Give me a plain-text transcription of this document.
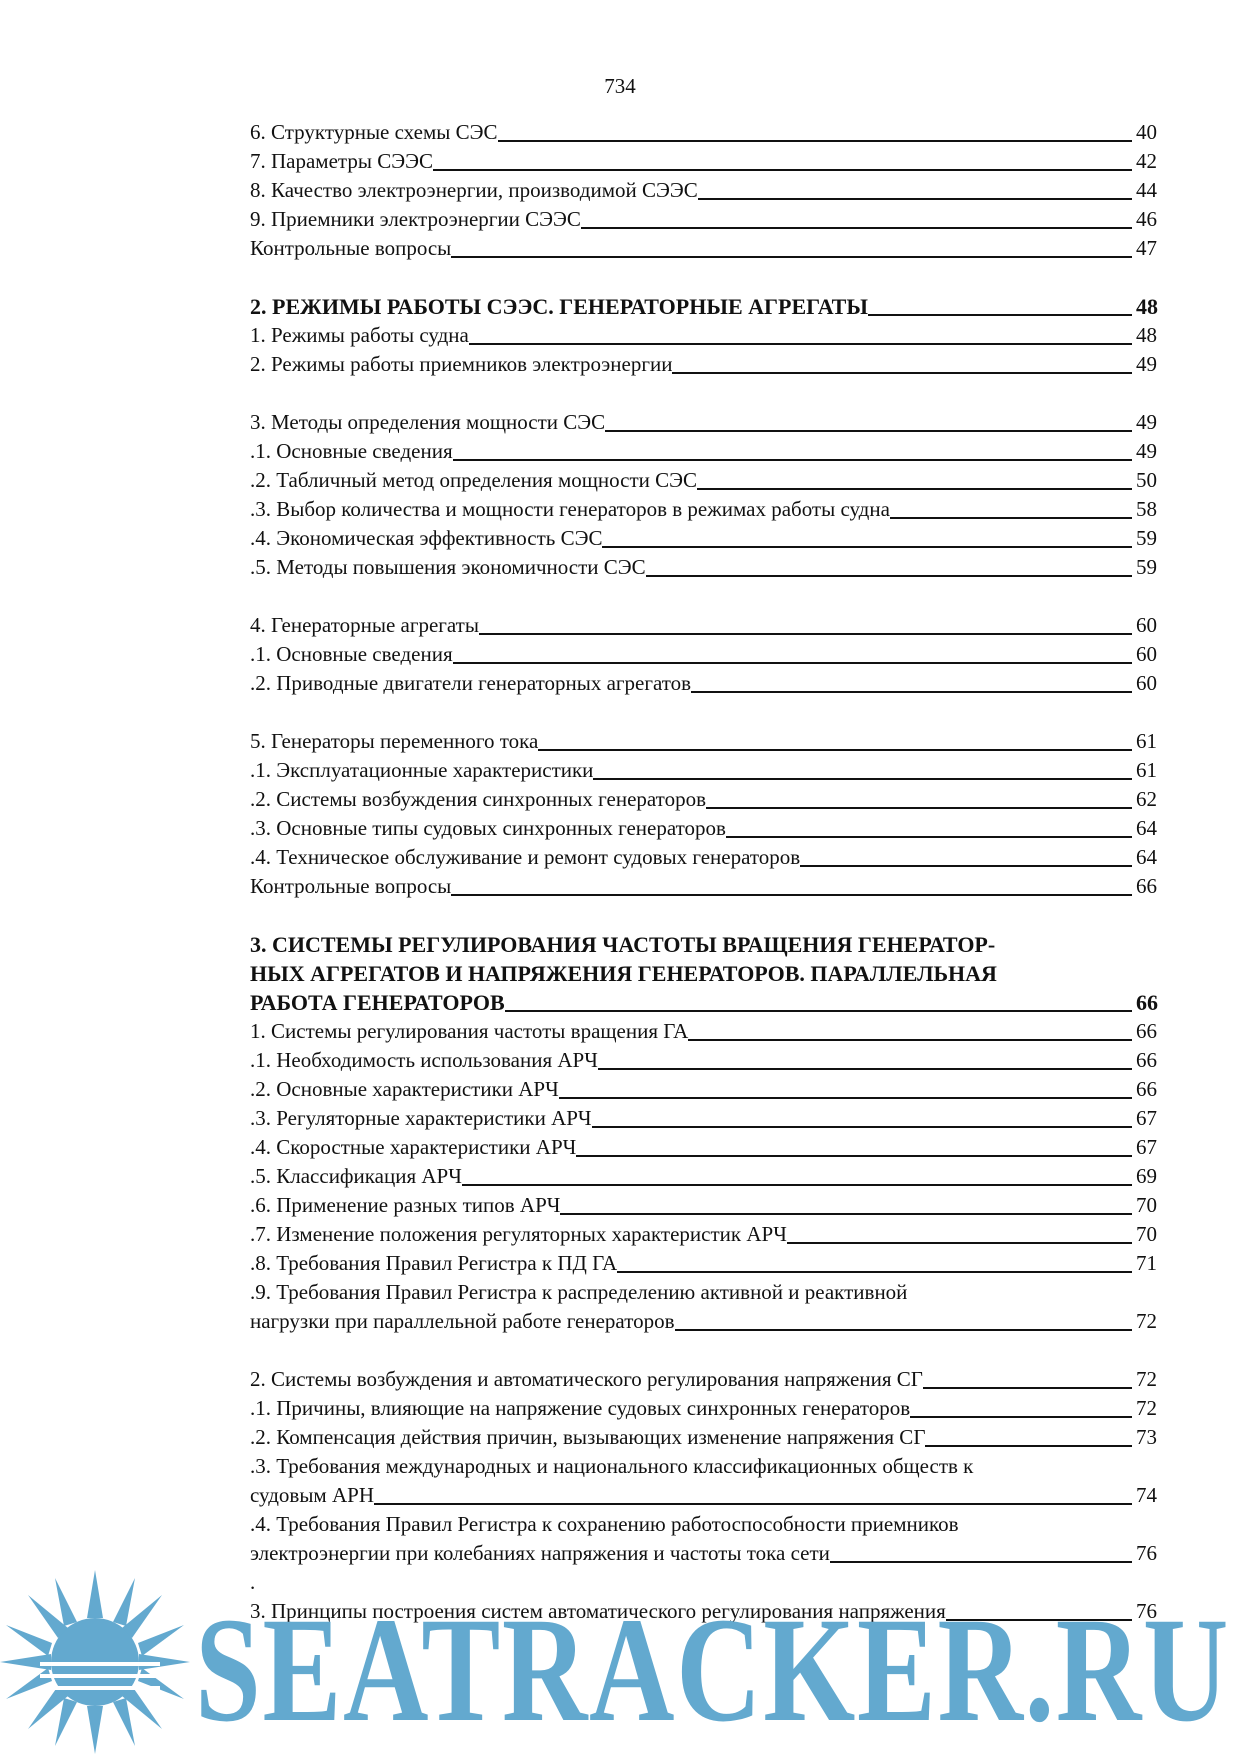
734
6. Структурные схемы СЭС	40
7. Параметры СЭЭС	42
8. Качество электроэнергии, производимой СЭЭС	44
9. Приемники электроэнергии СЭЭС	46
Контрольные вопросы	47
2. РЕЖИМЫ РАБОТЫ СЭЭС. ГЕНЕРАТОРНЫЕ АГРЕГАТЫ	48
1. Режимы работы судна	48
2. Режимы работы приемников электроэнергии	49
3. Методы определения мощности СЭС	49
.1. Основные сведения	49
.2. Табличный метод определения мощности СЭС	50
.3. Выбор количества и мощности генераторов в режимах работы судна	58
.4. Экономическая эффективность СЭС	59
.5. Методы повышения экономичности СЭС	59
4. Генераторные агрегаты	60
.1. Основные сведения	60
.2. Приводные двигатели генераторных агрегатов	60
5. Генераторы переменного тока	61
.1. Эксплуатационные характеристики	61
.2. Системы возбуждения синхронных генераторов	62
.3. Основные типы судовых синхронных генераторов	64
.4. Техническое обслуживание и ремонт судовых генераторов	64
Контрольные вопросы	66
3. СИСТЕМЫ РЕГУЛИРОВАНИЯ ЧАСТОТЫ ВРАЩЕНИЯ ГЕНЕРАТОР-
НЫХ АГРЕГАТОВ И НАПРЯЖЕНИЯ ГЕНЕРАТОРОВ. ПАРАЛЛЕЛЬНАЯ
РАБОТА ГЕНЕРАТОРОВ	66
1. Системы регулирования частоты вращения ГА	66
.1. Необходимость использования АРЧ	66
.2. Основные характеристики АРЧ	66
.3. Регуляторные характеристики АРЧ	67
.4. Скоростные характеристики АРЧ	67
.5. Классификация АРЧ	69
.6. Применение разных типов АРЧ	70
.7. Изменение положения регуляторных характеристик АРЧ	70
.8. Требования Правил Регистра к ПД ГА	71
.9. Требования Правил Регистра к распределению активной и реактивной
нагрузки при параллельной работе генераторов	72
2. Системы возбуждения и автоматического регулирования напряжения СГ	72
.1. Причины, влияющие на напряжение судовых синхронных генераторов	72
.2. Компенсация действия причин, вызывающих изменение напряжения СГ	73
.3. Требования международных и национального классификационных обществ к
судовым АРН	74
.4. Требования Правил Регистра к сохранению работоспособности приемников
электроэнергии при колебаниях напряжения и частоты тока сети	76
.
3. Принципы построения систем автоматического регулирования напряжения	76
SEATRACKER.RU
